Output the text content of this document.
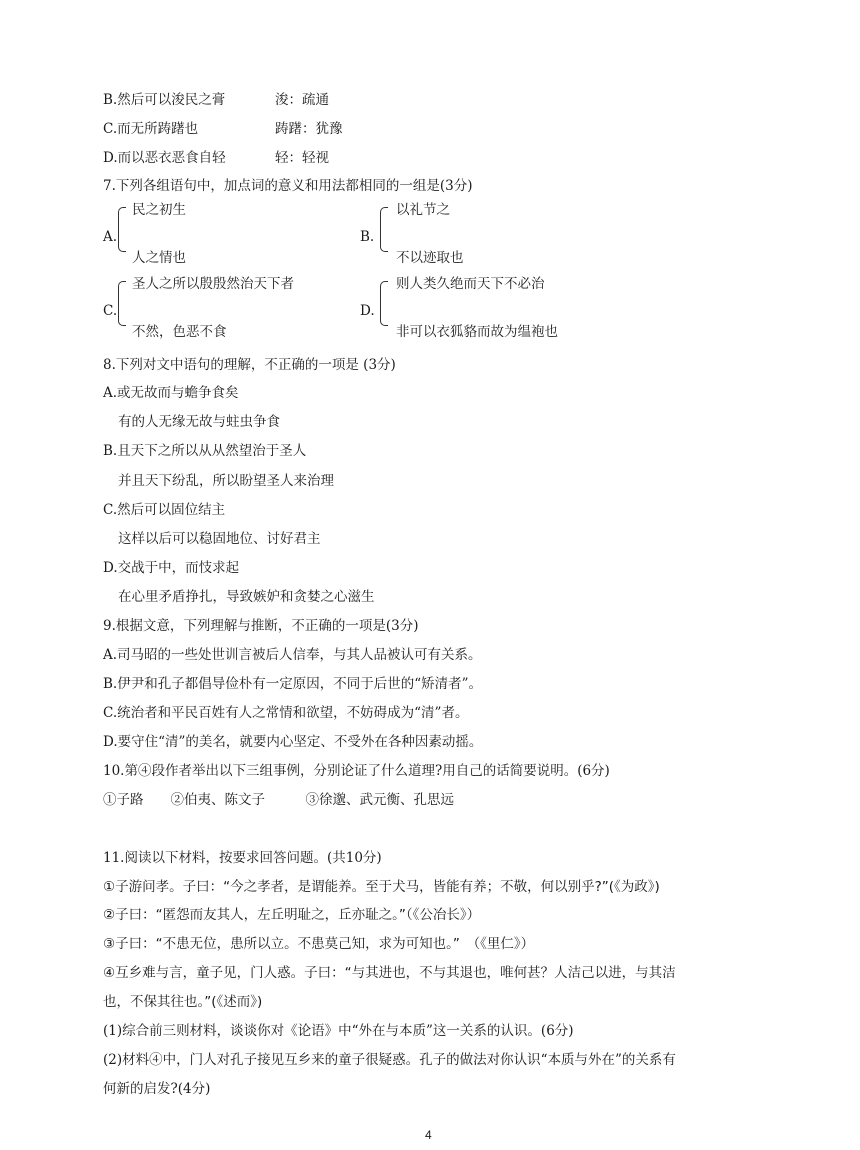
B.然后可以浚民之膏	浚：疏通
C.而无所踌躇也	踌躇：犹豫
D.而以恶衣恶食自轻	轻：轻视
7.下列各组语句中，加点词的意义和用法都相同的一组是(3分)
A.
民之初生
人之情也
B.
以礼节之
不以迹取也
C.
圣人之所以殷殷然治天下者
不然，色恶不食
D.
则人类久绝而天下不必治
非可以衣狐貉而故为缊袍也
8.下列对文中语句的理解，不正确的一项是 (3分)
A.或无故而与蟾争食矣
有的人无缘无故与蛀虫争食
B.且天下之所以从从然望治于圣人
并且天下纷乱，所以盼望圣人来治理
C.然后可以固位结主
这样以后可以稳固地位、讨好君主
D.交战于中，而忮求起
在心里矛盾挣扎，导致嫉妒和贪婪之心滋生
9.根据文意，下列理解与推断，不正确的一项是(3分)
A.司马昭的一些处世训言被后人信奉，与其人品被认可有关系。
B.伊尹和孔子都倡导俭朴有一定原因，不同于后世的“矫清者”。
C.统治者和平民百姓有人之常情和欲望，不妨碍成为“清”者。
D.要守住“清”的美名，就要内心坚定、不受外在各种因素动摇。
10.第④段作者举出以下三组事例，分别论证了什么道理?用自己的话简要说明。(6分)
①子路　　②伯夷、陈文子　　　③徐邈、武元衡、孔思远
11.阅读以下材料，按要求回答问题。(共10分)
①子游问孝。子曰：“今之孝者，是谓能养。至于犬马，皆能有养；不敬，何以别乎?”(《为政》)
②子曰：“匿怨而友其人，左丘明耻之，丘亦耻之。”（《公冶长》）
③子曰：“不患无位，患所以立。不患莫己知，求为可知也。”　（《里仁》）
④互乡难与言，童子见，门人惑。子曰：“与其进也，不与其退也，唯何甚？人洁己以进，与其洁
也，不保其往也。”(《述而》)
(1)综合前三则材料，谈谈你对《论语》中“外在与本质”这一关系的认识。(6分)
(2)材料④中，门人对孔子接见互乡来的童子很疑惑。孔子的做法对你认识“本质与外在”的关系有
何新的启发?(4分)
4
